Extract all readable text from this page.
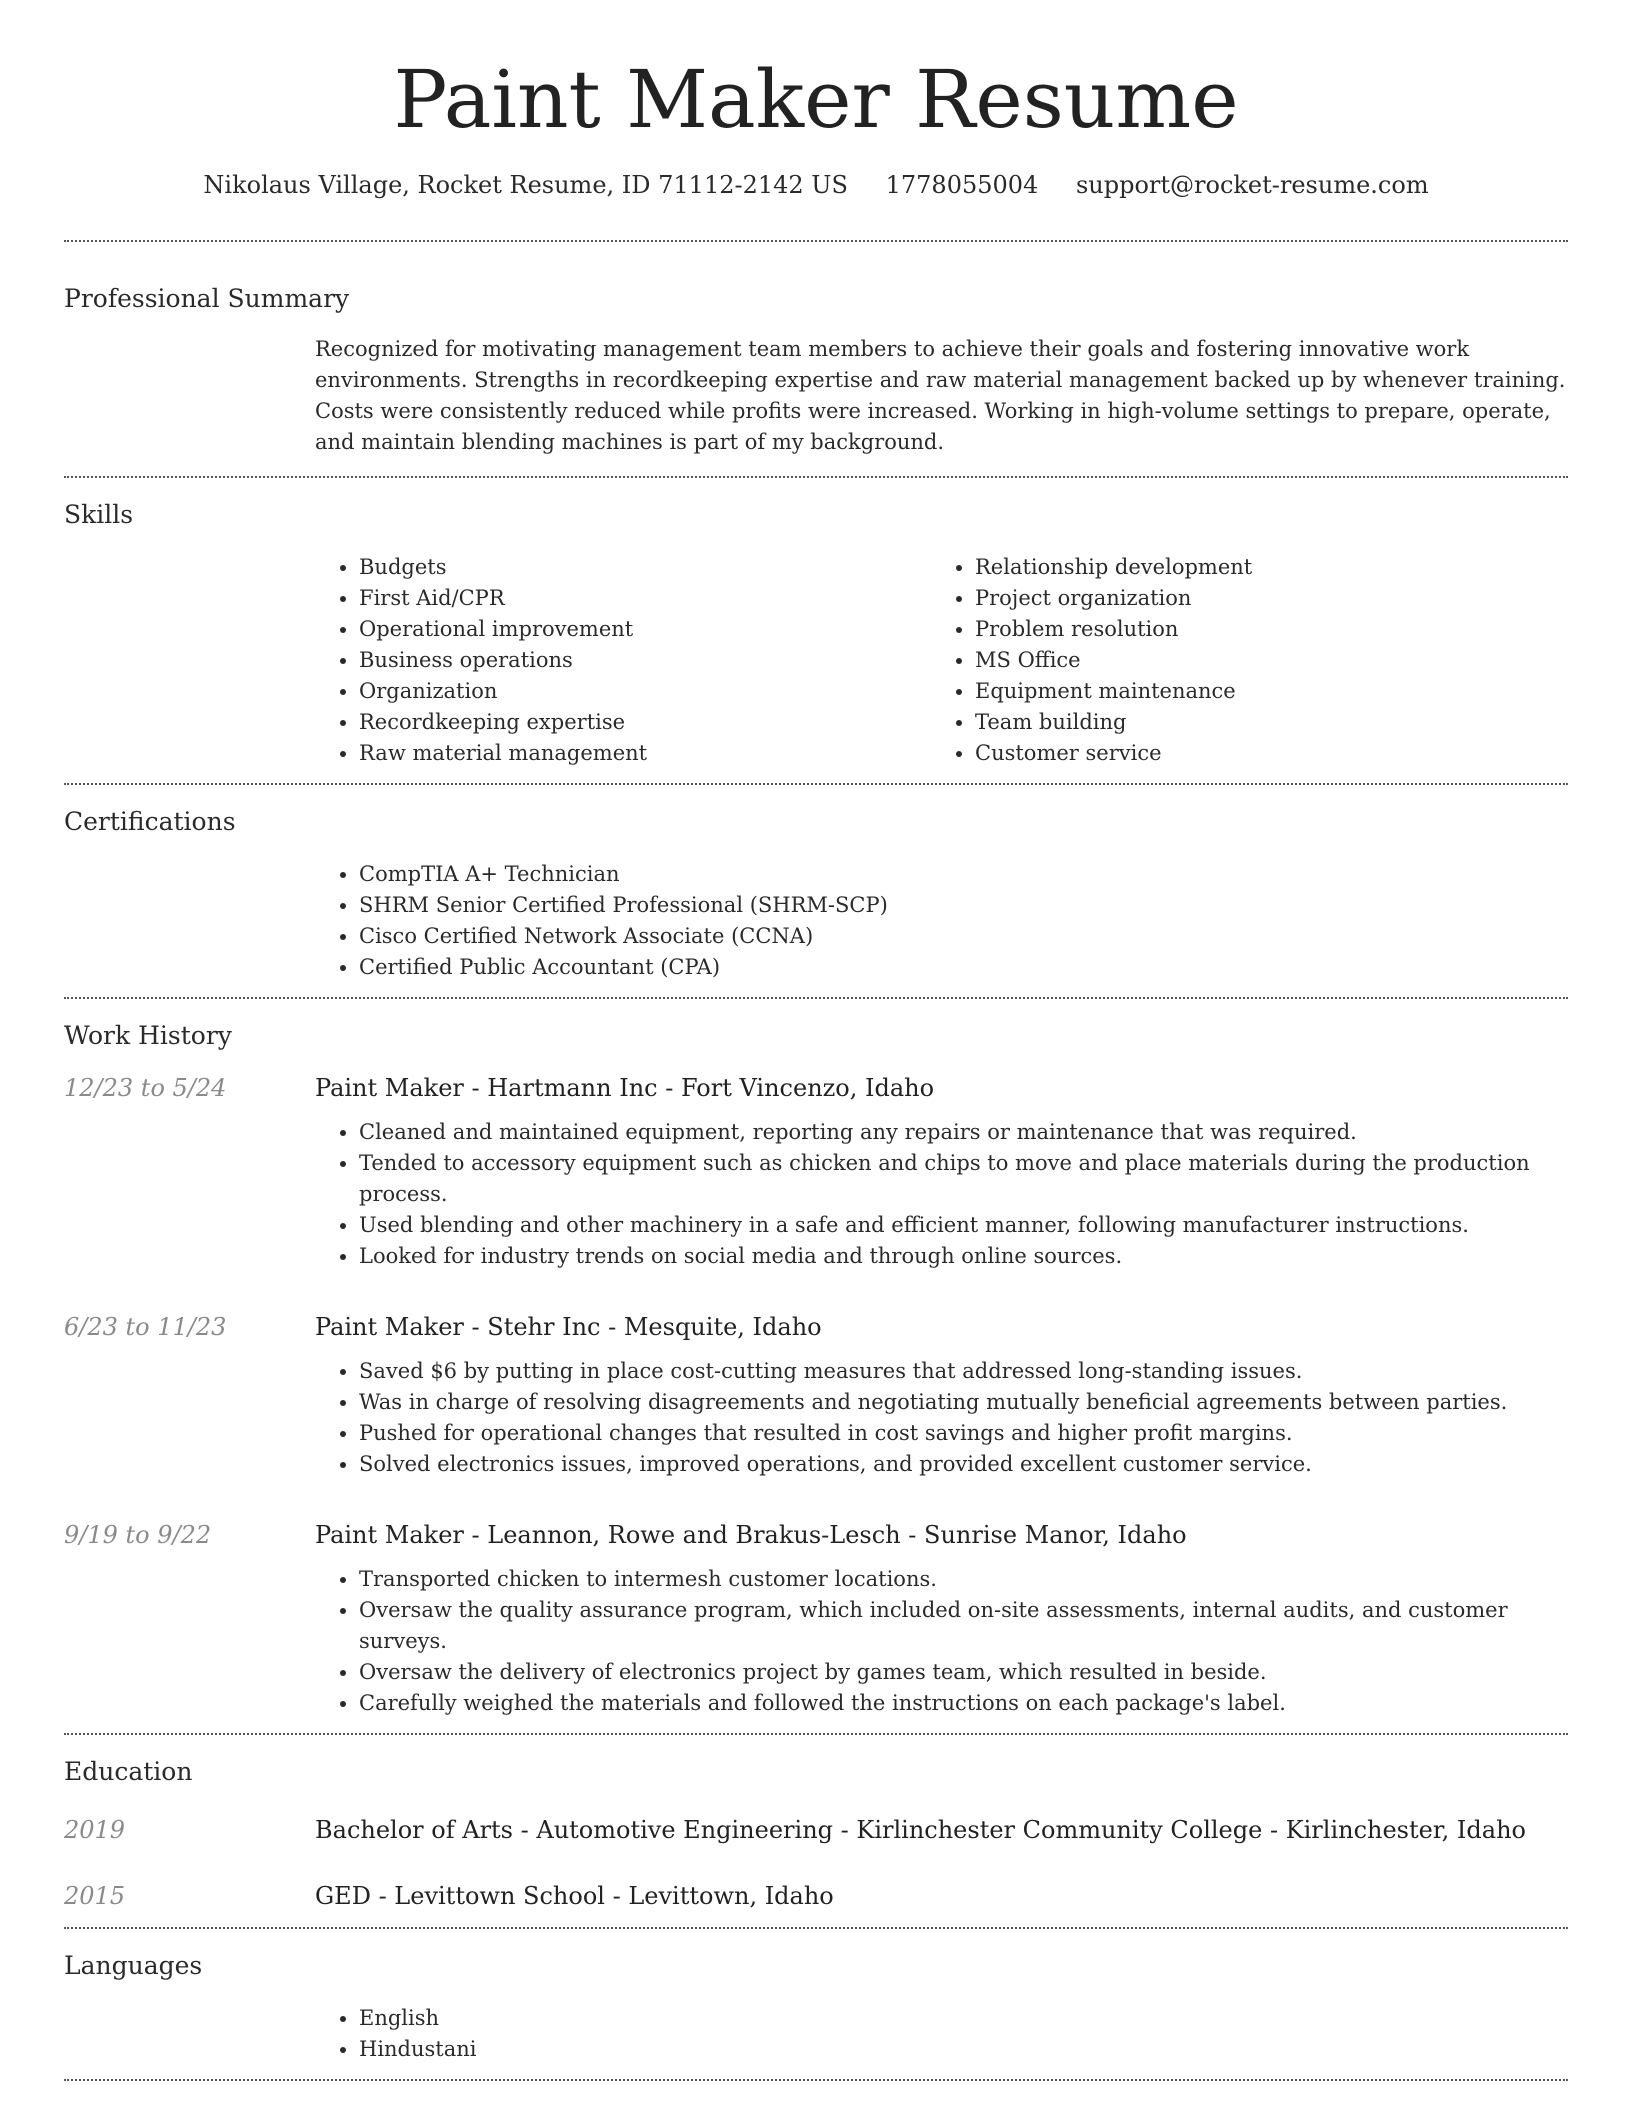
Paint Maker Resume
Nikolaus Village, Rocket Resume, ID 71112-2142 US 1778055004 support@rocket-resume.com
Professional Summary
Recognized for motivating management team members to achieve their goals and fostering innovative work environments. Strengths in recordkeeping expertise and raw material management backed up by whenever training. Costs were consistently reduced while profits were increased. Working in high-volume settings to prepare, operate, and maintain blending machines is part of my background.
Skills
• Budgets
• First Aid/CPR
• Operational improvement
• Business operations
• Organization
• Recordkeeping expertise
• Raw material management
• Relationship development
• Project organization
• Problem resolution
• MS Office
• Equipment maintenance
• Team building
• Customer service
Certifications
• CompTIA A+ Technician
• SHRM Senior Certified Professional (SHRM-SCP)
• Cisco Certified Network Associate (CCNA)
• Certified Public Accountant (CPA)
Work History
12/23 to 5/24	Paint Maker - Hartmann Inc - Fort Vincenzo, Idaho
• Cleaned and maintained equipment, reporting any repairs or maintenance that was required.
• Tended to accessory equipment such as chicken and chips to move and place materials during the production process.
• Used blending and other machinery in a safe and efficient manner, following manufacturer instructions.
• Looked for industry trends on social media and through online sources.
6/23 to 11/23	Paint Maker - Stehr Inc - Mesquite, Idaho
• Saved $6 by putting in place cost-cutting measures that addressed long-standing issues.
• Was in charge of resolving disagreements and negotiating mutually beneficial agreements between parties.
• Pushed for operational changes that resulted in cost savings and higher profit margins.
• Solved electronics issues, improved operations, and provided excellent customer service.
9/19 to 9/22	Paint Maker - Leannon, Rowe and Brakus-Lesch - Sunrise Manor, Idaho
• Transported chicken to intermesh customer locations.
• Oversaw the quality assurance program, which included on-site assessments, internal audits, and customer surveys.
• Oversaw the delivery of electronics project by games team, which resulted in beside.
• Carefully weighed the materials and followed the instructions on each package's label.
Education
2019	Bachelor of Arts - Automotive Engineering - Kirlinchester Community College - Kirlinchester, Idaho
2015	GED - Levittown School - Levittown, Idaho
Languages
• English
• Hindustani
